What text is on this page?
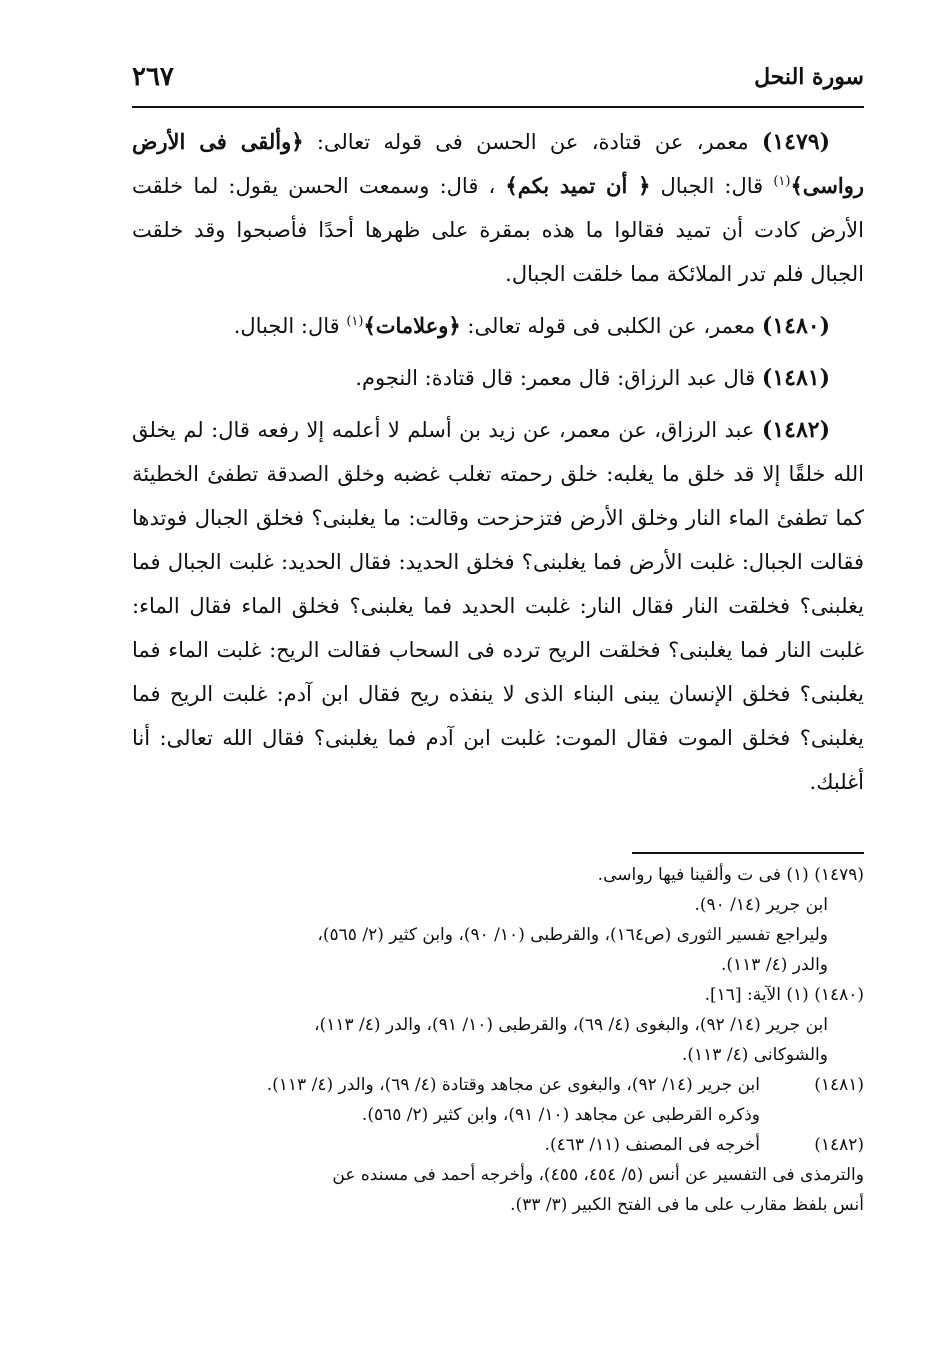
سورة النحل
٢٦٧

(١٤٧٩) معمر، عن قتادة، عن الحسن فى قوله تعالى: ﴿وألقى فى الأرض رواسى﴾$^{(١)}$ قال: الجبال ﴿ أن تميد بكم﴾ ، قال: وسمعت الحسن يقول: لما خلقت الأرض كادت أن تميد فقالوا ما هذه بمقرة على ظهرها أحدًا فأصبحوا وقد خلقت الجبال فلم تدر الملائكة مما خلقت الجبال.

(١٤٨٠) معمر، عن الكلبى فى قوله تعالى: ﴿وعلامات﴾$^{(١)}$ قال: الجبال.

(١٤٨١) قال عبد الرزاق: قال معمر: قال قتادة: النجوم.

(١٤٨٢) عبد الرزاق، عن معمر، عن زيد بن أسلم لا أعلمه إلا رفعه قال: لم يخلق الله خلقًا إلا قد خلق ما يغلبه: خلق رحمته تغلب غضبه وخلق الصدقة تطفئ الخطيئة كما تطفئ الماء النار وخلق الأرض فتزحزحت وقالت: ما يغلبنى؟ فخلق الجبال فوتدها فقالت الجبال: غلبت الأرض فما يغلبنى؟ فخلق الحديد: فقال الحديد: غلبت الجبال فما يغلبنى؟ فخلقت النار فقال النار: غلبت الحديد فما يغلبنى؟ فخلق الماء فقال الماء: غلبت النار فما يغلبنى؟ فخلقت الريح ترده فى السحاب فقالت الريح: غلبت الماء فما يغلبنى؟ فخلق الإنسان يبنى البناء الذى لا ينفذه ريح فقال ابن آدم: غلبت الريح فما يغلبنى؟ فخلق الموت فقال الموت: غلبت ابن آدم فما يغلبنى؟ فقال الله تعالى: أنا أغلبك.

(١٤٧٩) (١) فى ت وألقينا فيها رواسى.

ابن جرير (١٤/ ٩٠).

وليراجع تفسير الثورى (ص١٦٤)، والقرطبى (١٠/ ٩٠)، وابن كثير (٢/ ٥٦٥)،

والدر (٤/ ١١٣).

(١٤٨٠) (١) الآية: [١٦].

ابن جرير (١٤/ ٩٢)، والبغوى (٤/ ٦٩)، والقرطبى (١٠/ ٩١)، والدر (٤/ ١١٣)،

والشوكانى (٤/ ١١٣).

(١٤٨١)

ابن جرير (١٤/ ٩٢)، والبغوى عن مجاهد وقتادة (٤/ ٦٩)، والدر (٤/ ١١٣).

وذكره القرطبى عن مجاهد (١٠/ ٩١)، وابن كثير (٢/ ٥٦٥).

(١٤٨٢)

أخرجه فى المصنف (١١/ ٤٦٣).

والترمذى فى التفسير عن أنس (٥/ ٤٥٤، ٤٥٥)، وأخرجه أحمد فى مسنده عن

أنس بلفظ مقارب على ما فى الفتح الكبير (٣/ ٣٣).
